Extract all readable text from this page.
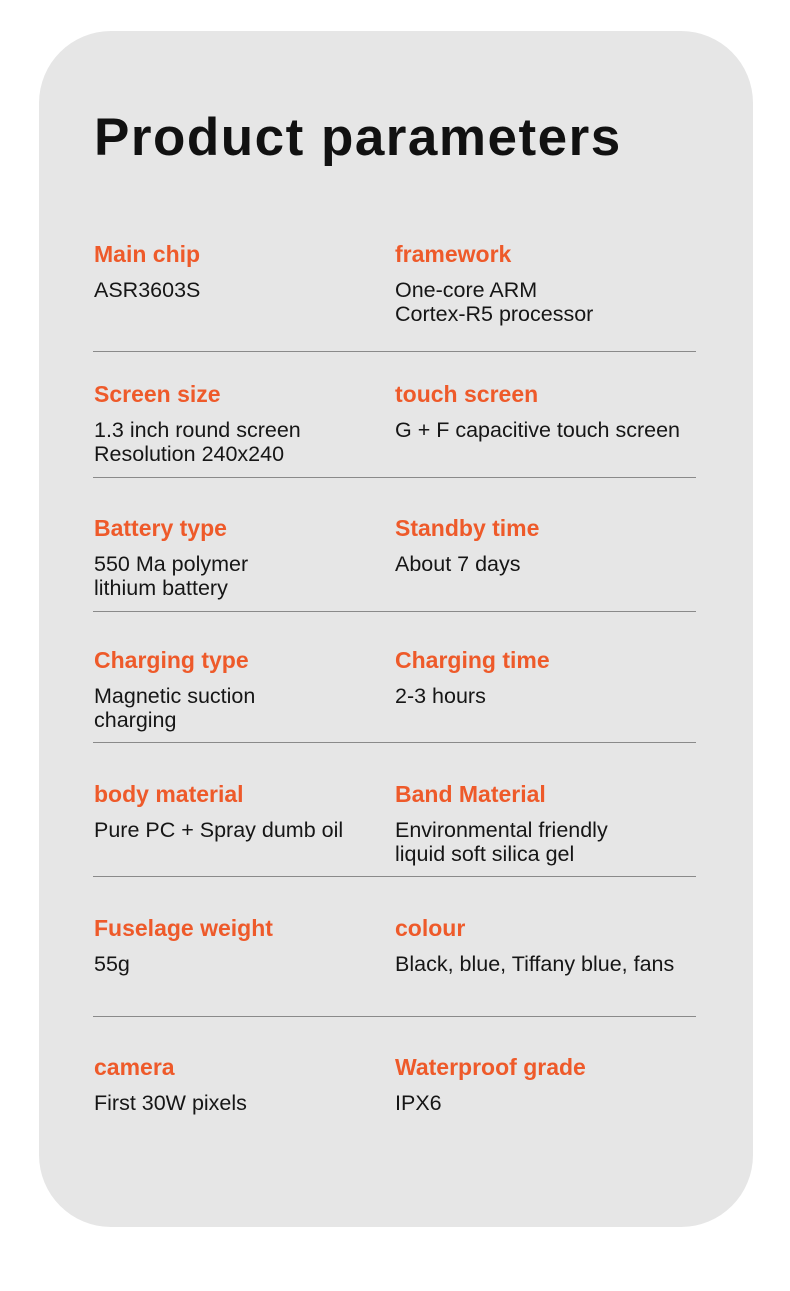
Product parameters
Main chip
ASR3603S
framework
One-core ARM
Cortex-R5 processor
Screen size
1.3 inch round screen
Resolution 240x240
touch screen
G + F capacitive touch screen
Battery type
550 Ma polymer
lithium battery
Standby time
About 7 days
Charging type
Magnetic suction
charging
Charging time
2-3 hours
body material
Pure PC + Spray dumb oil
Band Material
Environmental friendly
liquid soft silica gel
Fuselage weight
55g
colour
Black, blue, Tiffany blue, fans
camera
First 30W pixels
Waterproof grade
IPX6
